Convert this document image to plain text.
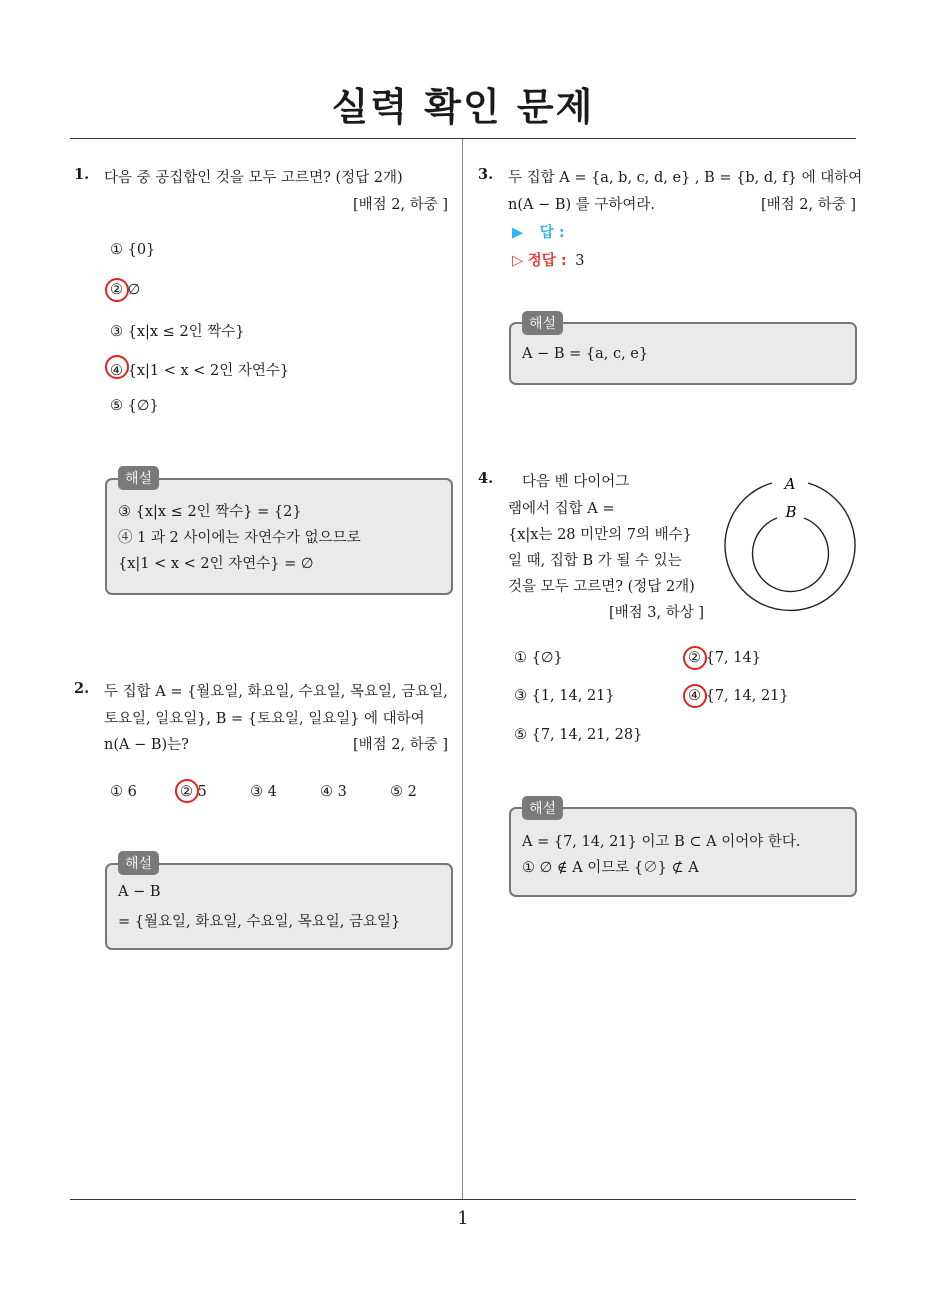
실력 확인 문제
1. 다음 중 공집합인 것을 모두 고르면? (정답 2개)
[배점 2, 하중 ]
① {0}
② ∅
③ {x|x ≤ 2인 짝수}
④ {x|1 < x < 2인 자연수}
⑤ {∅}
해설
③ {x|x ≤ 2인 짝수} = {2}
④ 1 과 2 사이에는 자연수가 없으므로
{x|1 < x < 2인 자연수} = ∅
2. 두 집합 A = {월요일, 화요일, 수요일, 목요일, 금요일,
토요일, 일요일}, B = {토요일, 일요일} 에 대하여
n(A − B)는?	[배점 2, 하중 ]
① 6	② 5	③ 4	④ 3	⑤ 2
해설
A − B
= {월요일, 화요일, 수요일, 목요일, 금요일}
3. 두 집합 A = {a, b, c, d, e} , B = {b, d, f} 에 대하여
n(A − B) 를 구하여라.	[배점 2, 하중 ]
▶ 답 :
▷ 정답 : 3
해설
A − B = {a, c, e}
4. 다음 벤 다이어그
램에서 집합 A =
{x|x는 28 미만의 7의 배수}
일 때, 집합 B 가 될 수 있는
것을 모두 고르면? (정답 2개)
[배점 3, 하상 ]
A
B
① {∅}	② {7, 14}
③ {1, 14, 21}	④ {7, 14, 21}
⑤ {7, 14, 21, 28}
해설
A = {7, 14, 21} 이고 B ⊂ A 이어야 한다.
① ∅ ∉ A 이므로 {∅} ⊄ A
1
